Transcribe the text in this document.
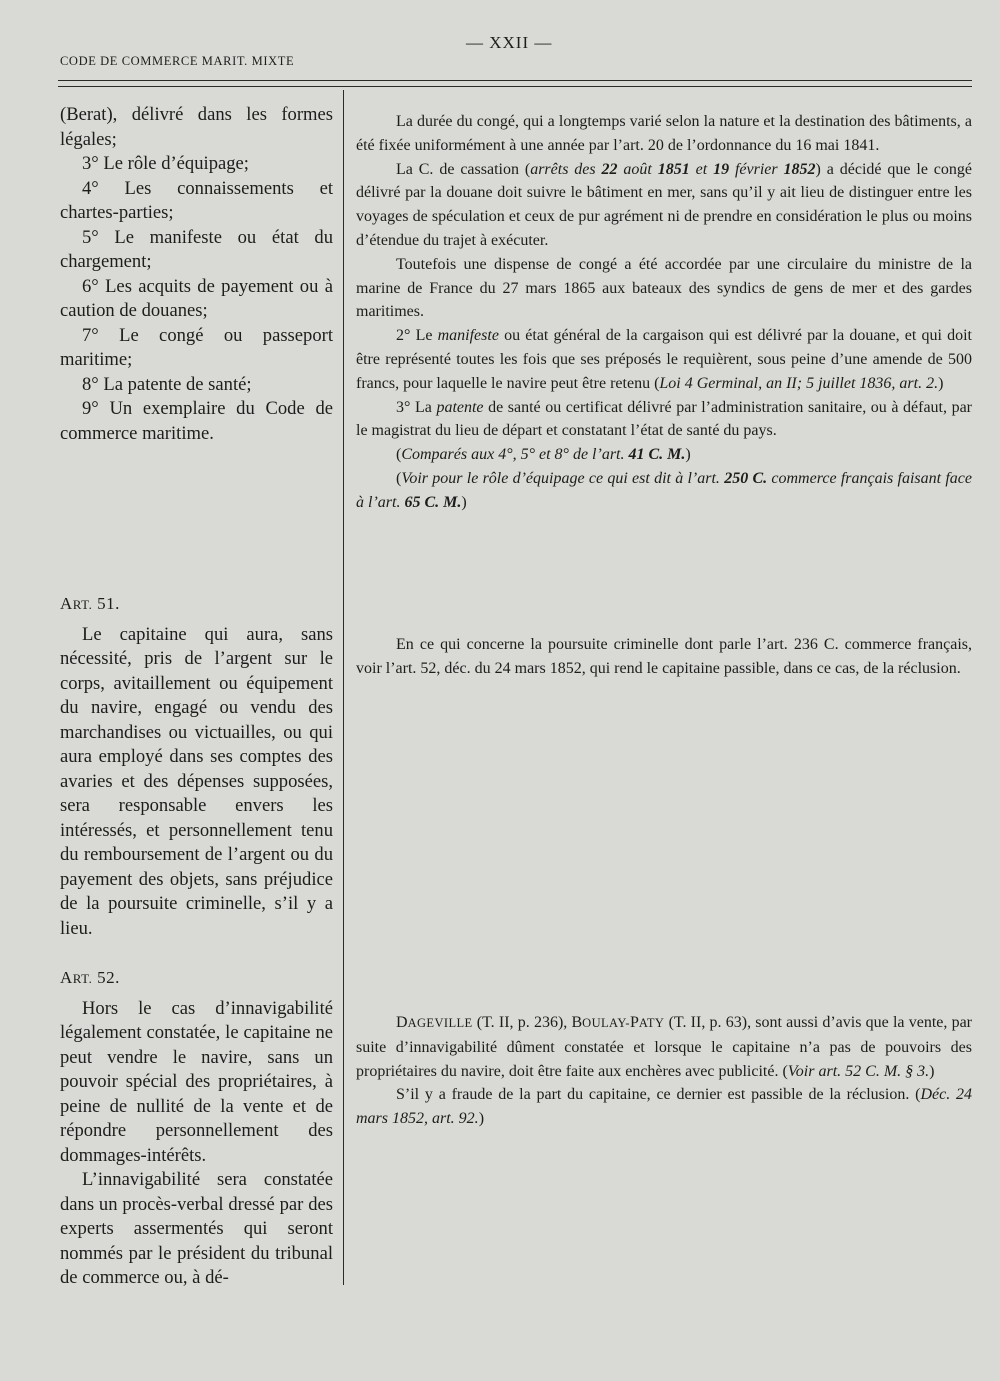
CODE DE COMMERCE MARIT. MIXTE
— XXII —

(Berat), délivré dans les formes légales;

3° Le rôle d’équipage;

4° Les connaissements et chartes-parties;

5° Le manifeste ou état du chargement;

6° Les acquits de payement ou à caution de douanes;

7° Le congé ou passeport maritime;

8° La patente de santé;

9° Un exemplaire du Code de commerce maritime.

ART. 51.

Le capitaine qui aura, sans nécessité, pris de l’argent sur le corps, avitaillement ou équipement du navire, engagé ou vendu des marchandises ou victuailles, ou qui aura employé dans ses comptes des avaries et des dépenses supposées, sera responsable envers les intéressés, et personnellement tenu du remboursement de l’argent ou du payement des objets, sans préjudice de la poursuite criminelle, s’il y a lieu.

ART. 52.

Hors le cas d’innavigabilité légalement constatée, le capitaine ne peut vendre le navire, sans un pouvoir spécial des propriétaires, à peine de nullité de la vente et de répondre personnellement des dommages-intérêts.

L’innavigabilité sera constatée dans un procès-verbal dressé par des experts assermentés qui seront nommés par le président du tribunal de commerce ou, à dé-

La durée du congé, qui a longtemps varié selon la nature et la destination des bâtiments, a été fixée uniformément à une année par l’art. 20 de l’ordonnance du 16 mai 1841.

La C. de cassation (arrêts des 22 août 1851 et 19 février 1852) a décidé que le congé délivré par la douane doit suivre le bâtiment en mer, sans qu’il y ait lieu de distinguer entre les voyages de spéculation et ceux de pur agrément ni de prendre en considération le plus ou moins d’étendue du trajet à exécuter.

Toutefois une dispense de congé a été accordée par une circulaire du ministre de la marine de France du 27 mars 1865 aux bateaux des syndics de gens de mer et des gardes maritimes.

2° Le manifeste ou état général de la cargaison qui est délivré par la douane, et qui doit être représenté toutes les fois que ses préposés le requièrent, sous peine d’une amende de 500 francs, pour laquelle le navire peut être retenu (Loi 4 Germinal, an II; 5 juillet 1836, art. 2.)

3° La patente de santé ou certificat délivré par l’administration sanitaire, ou à défaut, par le magistrat du lieu de départ et constatant l’état de santé du pays.

(Comparés aux 4°, 5° et 8° de l’art. 41 C. M.)

(Voir pour le rôle d’équipage ce qui est dit à l’art. 250 C. commerce français faisant face à l’art. 65 C. M.)

En ce qui concerne la poursuite criminelle dont parle l’art. 236 C. commerce français, voir l’art. 52, déc. du 24 mars 1852, qui rend le capitaine passible, dans ce cas, de la réclusion.

DAGEVILLE (T. II, p. 236), BOULAY-PATY (T. II, p. 63), sont aussi d’avis que la vente, par suite d’innavigabilité dûment constatée et lorsque le capitaine n’a pas de pouvoirs des propriétaires du navire, doit être faite aux enchères avec publicité. (Voir art. 52 C. M. § 3.)

S’il y a fraude de la part du capitaine, ce dernier est passible de la réclusion. (Déc. 24 mars 1852, art. 92.)
